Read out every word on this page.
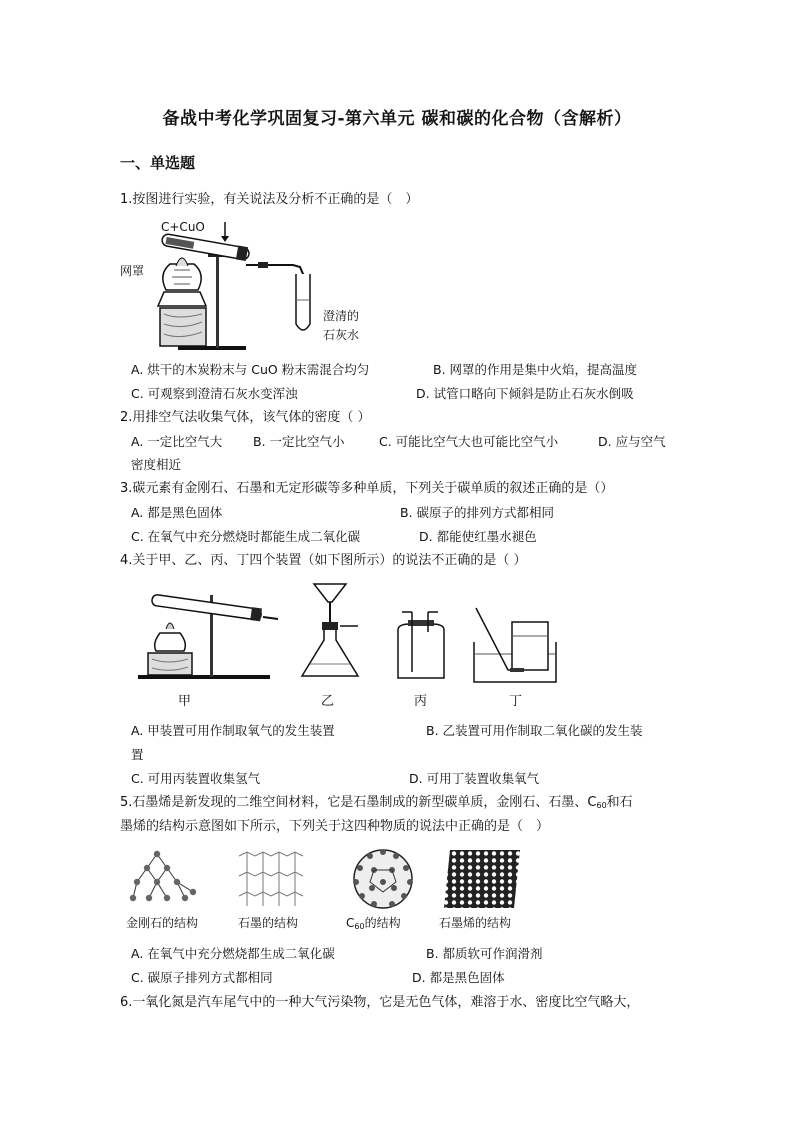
备战中考化学巩固复习-第六单元 碳和碳的化合物（含解析）
一、单选题
1.按图进行实验，有关说法及分析不正确的是（　）
C+CuO
网罩
澄清的
石灰水
A. 烘干的木炭粉末与 CuO 粉末需混合均匀	B. 网罩的作用是集中火焰，提高温度
C. 可观察到澄清石灰水变浑浊	D. 试管口略向下倾斜是防止石灰水倒吸
2.用排空气法收集气体，该气体的密度（ ）
A. 一定比空气大 B. 一定比空气小	C. 可能比空气大也可能比空气小	D. 应与空气
密度相近
3.碳元素有金刚石、石墨和无定形碳等多种单质，下列关于碳单质的叙述正确的是（）
A. 都是黑色固体	B. 碳原子的排列方式都相同
C. 在氧气中充分燃烧时都能生成二氧化碳	D. 都能使红墨水褪色
4.关于甲、乙、丙、丁四个装置（如下图所示）的说法不正确的是（ ）
甲	乙	丙	丁
A. 甲装置可用作制取氧气的发生装置	B. 乙装置可用作制取二氧化碳的发生装
置
C. 可用丙装置收集氢气	D. 可用丁装置收集氧气
5.石墨烯是新发现的二维空间材料，它是石墨制成的新型碳单质，金刚石、石墨、$C_{60}$和石
墨烯的结构示意图如下所示，下列关于这四种物质的说法中正确的是（　）
金刚石的结构	石墨的结构	$C_{60}$的结构	石墨烯的结构
A. 在氧气中充分燃烧都生成二氧化碳	B. 都质软可作润滑剂
C. 碳原子排列方式都相同	D. 都是黑色固体
6.一氧化氮是汽车尾气中的一种大气污染物，它是无色气体，难溶于水、密度比空气略大，
